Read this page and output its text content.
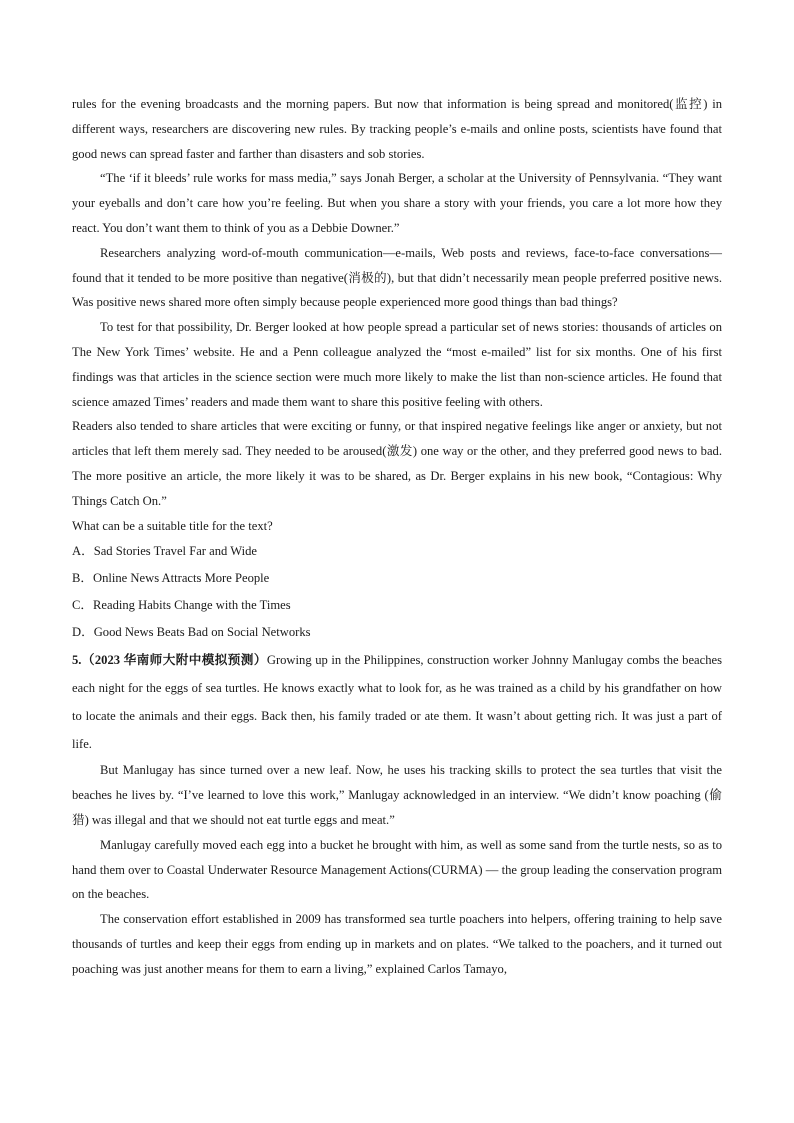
rules for the evening broadcasts and the morning papers. But now that information is being spread and monitored(监控) in different ways, researchers are discovering new rules. By tracking people’s e-mails and online posts, scientists have found that good news can spread faster and farther than disasters and sob stories.

“The ‘if it bleeds’ rule works for mass media,” says Jonah Berger, a scholar at the University of Pennsylvania. “They want your eyeballs and don’t care how you’re feeling. But when you share a story with your friends, you care a lot more how they react. You don’t want them to think of you as a Debbie Downer.”

Researchers analyzing word-of-mouth communication—e-mails, Web posts and reviews, face-to-face conversations—found that it tended to be more positive than negative(消极的), but that didn’t necessarily mean people preferred positive news. Was positive news shared more often simply because people experienced more good things than bad things?

To test for that possibility, Dr. Berger looked at how people spread a particular set of news stories: thousands of articles on The New York Times’ website. He and a Penn colleague analyzed the “most e-mailed” list for six months. One of his first findings was that articles in the science section were much more likely to make the list than non-science articles. He found that science amazed Times’ readers and made them want to share this positive feeling with others.

Readers also tended to share articles that were exciting or funny, or that inspired negative feelings like anger or anxiety, but not articles that left them merely sad. They needed to be aroused(激发) one way or the other, and they preferred good news to bad. The more positive an article, the more likely it was to be shared, as Dr. Berger explains in his new book, “Contagious: Why Things Catch On.”

What can be a suitable title for the text?

A．Sad Stories Travel Far and Wide

B．Online News Attracts More People

C．Reading Habits Change with the Times

D．Good News Beats Bad on Social Networks

5.（2023 华南师大附中模拟预测）Growing up in the Philippines, construction worker Johnny Manlugay combs the beaches each night for the eggs of sea turtles. He knows exactly what to look for, as he was trained as a child by his grandfather on how to locate the animals and their eggs. Back then, his family traded or ate them. It wasn’t about getting rich. It was just a part of life.

But Manlugay has since turned over a new leaf. Now, he uses his tracking skills to protect the sea turtles that visit the beaches he lives by. “I’ve learned to love this work,” Manlugay acknowledged in an interview. “We didn’t know poaching (偷猎) was illegal and that we should not eat turtle eggs and meat.”

Manlugay carefully moved each egg into a bucket he brought with him, as well as some sand from the turtle nests, so as to hand them over to Coastal Underwater Resource Management Actions(CURMA) — the group leading the conservation program on the beaches.

The conservation effort established in 2009 has transformed sea turtle poachers into helpers, offering training to help save thousands of turtles and keep their eggs from ending up in markets and on plates. “We talked to the poachers, and it turned out poaching was just another means for them to earn a living,” explained Carlos Tamayo,
